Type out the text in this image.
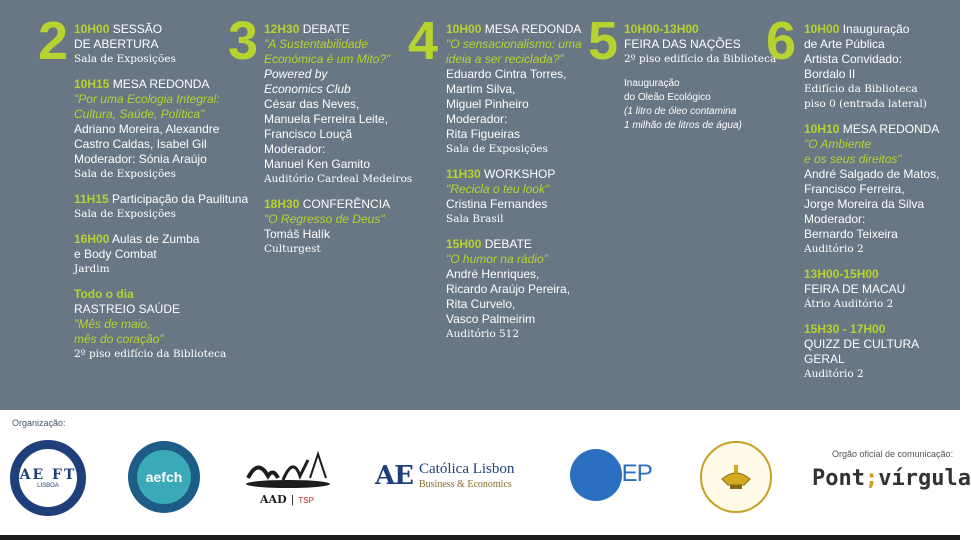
2 10H00 SESSÃO
DE ABERTURA
Sala de Exposições
10H15 MESA REDONDA
"Por uma Ecologia Integral:
Cultura, Saúde, Política"
Adriano Moreira, Alexandre
Castro Caldas, Isabel Gil
Moderador: Sónia Araújo
Sala de Exposições
11H15 Participação da Paulituna
Sala de Exposições
16H00 Aulas de Zumba
e Body Combat
Jardim
Todo o dia
RASTREIO SAÚDE
"Mês de maio,
mês do coração"
2º piso edifício da Biblioteca
3 12H30 DEBATE
"A Sustentabilidade
Económica é um Mito?"
Powered by
Economics Club
César das Neves,
Manuela Ferreira Leite,
Francisco Louçã
Moderador:
Manuel Ken Gamito
Auditório Cardeal Medeiros
18H30 CONFERÊNCIA
"O Regresso de Deus"
Tomáš Halík
Culturgest
4 10H00 MESA REDONDA
"O sensacionalismo: uma
ideia a ser reciclada?"
Eduardo Cintra Torres,
Martim Silva,
Miguel Pinheiro
Moderador:
Rita Figueiras
Sala de Exposições
11H30 WORKSHOP
"Recicla o teu look"
Cristina Fernandes
Sala Brasil
15H00 DEBATE
"O humor na rádio"
André Henriques,
Ricardo Araújo Pereira,
Rita Curvelo,
Vasco Palmeirim
Auditório 512
5 10H00-13H00
FEIRA DAS NAÇÕES
2º piso edifício da Biblioteca
Inauguração
do Oleão Ecológico
(1 litro de óleo contamina
1 milhão de litros de água)
6 10H00 Inauguração
de Arte Pública
Artista Convidado:
Bordalo II
Edifício da Biblioteca
piso 0 (entrada lateral)
10H10 MESA REDONDA
"O Ambiente
e os seus direitos"
André Salgado de Matos,
Francisco Ferreira,
Jorge Moreira da Silva
Moderador:
Bernardo Teixeira
Auditório 2
13H00-15H00
FEIRA DE MACAU
Átrio Auditório 2
15H30 - 17H00
QUIZZ DE CULTURA
GERAL
Auditório 2
Organização:
AE FT
LISBOA
aefch
AAD | TSP
AE Católica Lisbon
Business & Economics	AAIEP
Orgão oficial de comunicação:
Pont;vírgula
